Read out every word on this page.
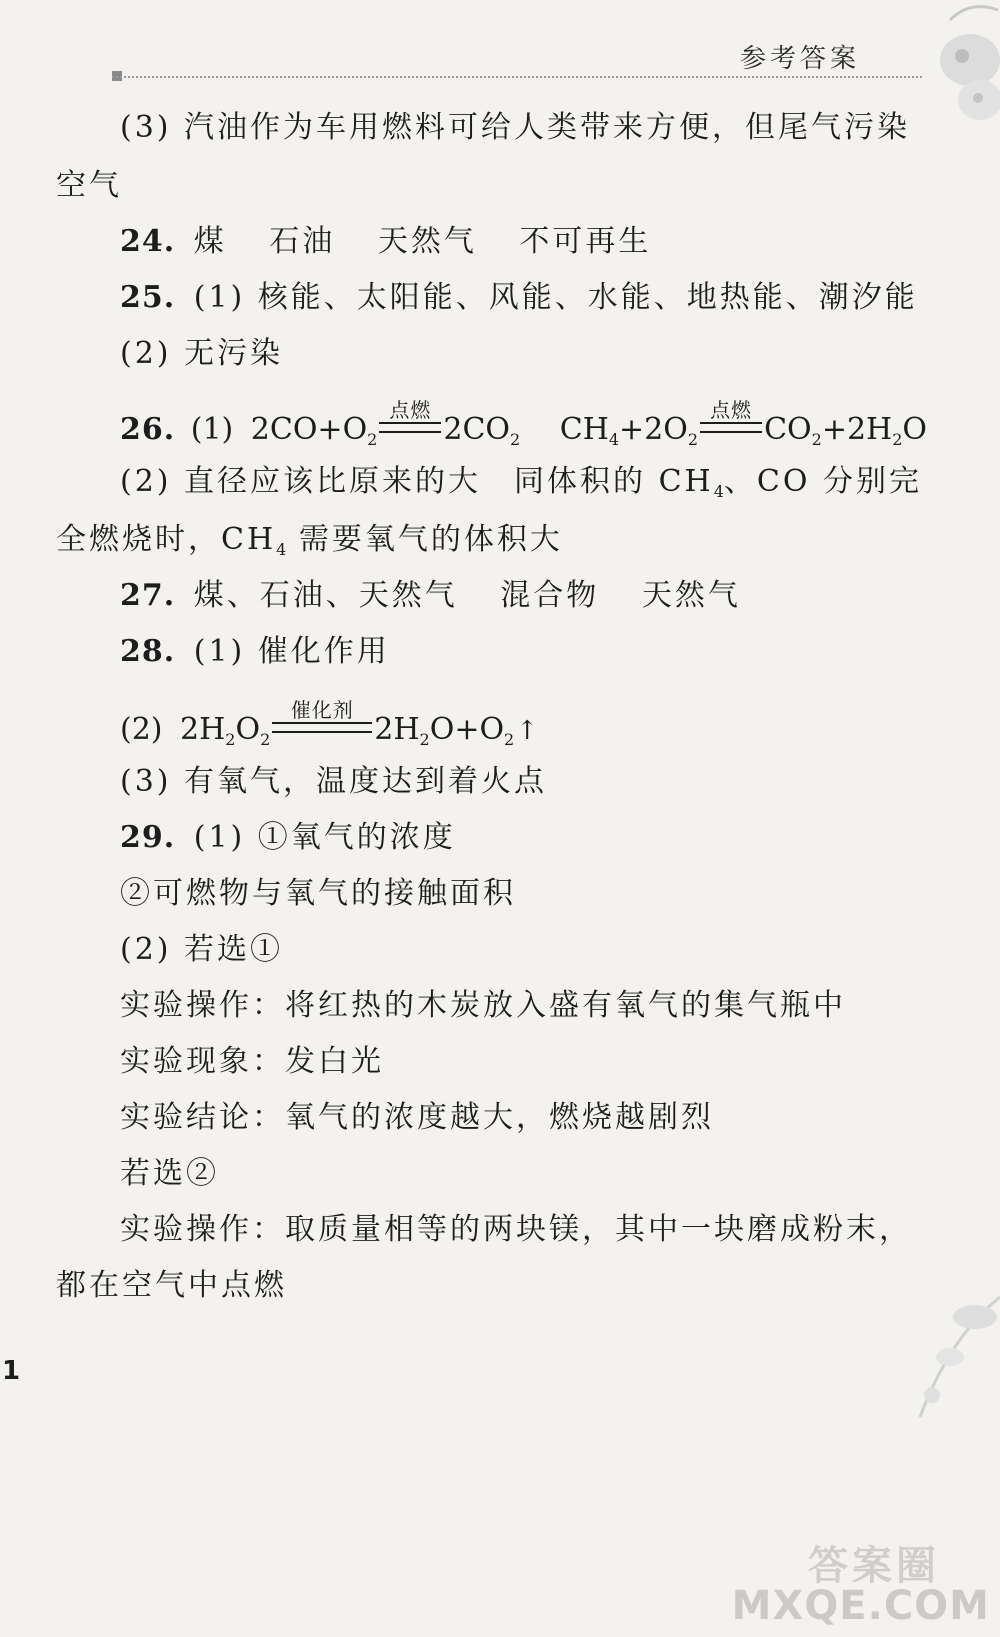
参考答案
(3) 汽油作为车用燃料可给人类带来方便，但尾气污染
空气
24. 煤 石油 天然气 不可再生
25. (1) 核能、太阳能、风能、水能、地热能、潮汐能
(2) 无污染
26. (1) $2CO+O_2$
点燃
$2CO_2$ $CH_4+2O_2$
点燃
$CO_2+2H_2O$
(2) 直径应该比原来的大　同体积的 $CH_4$、CO 分别完
全燃烧时，$CH_4$ 需要氧气的体积大
27. 煤、石油、天然气 混合物 天然气
28. (1) 催化作用
(2) $2H_2O_2$
催化剂
$2H_2O+O_2↑$
(3) 有氧气，温度达到着火点
29. (1) ①氧气的浓度
②可燃物与氧气的接触面积
(2) 若选①
实验操作：将红热的木炭放入盛有氧气的集气瓶中
实验现象：发白光
实验结论：氧气的浓度越大，燃烧越剧烈
若选②
实验操作：取质量相等的两块镁，其中一块磨成粉末，
都在空气中点燃
1
答案圈
MXQE.COM
